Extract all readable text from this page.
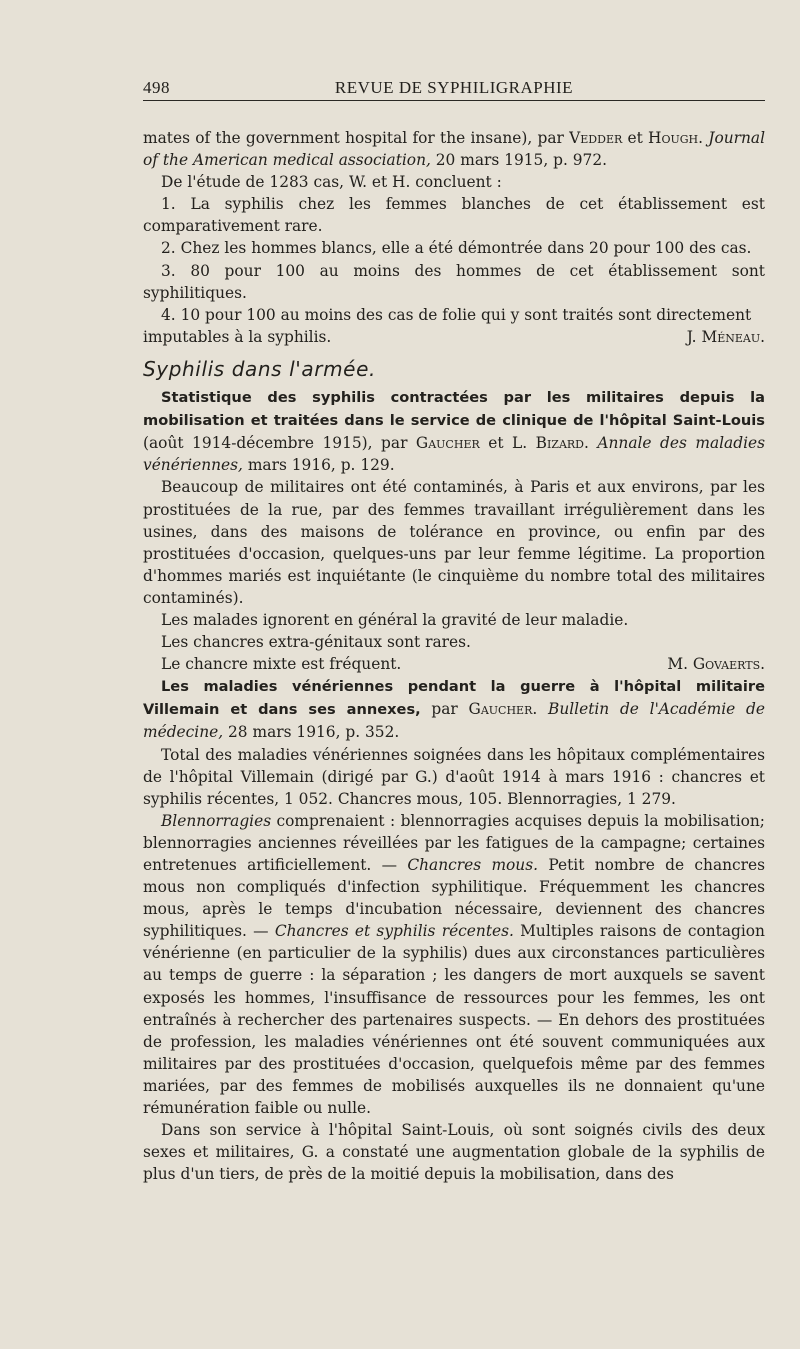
498	REVUE DE SYPHILIGRAPHIE

mates of the government hospital for the insane), par Vedder et Hough. Journal of the American medical association, 20 mars 1915, p. 972.

De l'étude de 1283 cas, W. et H. concluent :

1. La syphilis chez les femmes blanches de cet établissement est comparativement rare.

2. Chez les hommes blancs, elle a été démontrée dans 20 pour 100 des cas.

3. 80 pour 100 au moins des hommes de cet établissement sont syphilitiques.

4. 10 pour 100 au moins des cas de folie qui y sont traités sont directement imputables à la syphilis.	J. Méneau.

Syphilis dans l'armée.

Statistique des syphilis contractées par les militaires depuis la mobilisation et traitées dans le service de clinique de l'hôpital Saint-Louis (août 1914-décembre 1915), par Gaucher et L. Bizard. Annale des maladies vénériennes, mars 1916, p. 129.

Beaucoup de militaires ont été contaminés, à Paris et aux environs, par les prostituées de la rue, par des femmes travaillant irrégulièrement dans les usines, dans des maisons de tolérance en province, ou enfin par des prostituées d'occasion, quelques-uns par leur femme légitime. La proportion d'hommes mariés est inquiétante (le cinquième du nombre total des militaires contaminés).

Les malades ignorent en général la gravité de leur maladie.

Les chancres extra-génitaux sont rares.

Le chancre mixte est fréquent.	M. Govaerts.

Les maladies vénériennes pendant la guerre à l'hôpital militaire Villemain et dans ses annexes, par Gaucher. Bulletin de l'Académie de médecine, 28 mars 1916, p. 352.

Total des maladies vénériennes soignées dans les hôpitaux complémentaires de l'hôpital Villemain (dirigé par G.) d'août 1914 à mars 1916 : chancres et syphilis récentes, 1 052. Chancres mous, 105. Blennorragies, 1 279.

Blennorragies comprenaient : blennorragies acquises depuis la mobilisation; blennorragies anciennes réveillées par les fatigues de la campagne; certaines entretenues artificiellement. — Chancres mous. Petit nombre de chancres mous non compliqués d'infection syphilitique. Fréquemment les chancres mous, après le temps d'incubation nécessaire, deviennent des chancres syphilitiques. — Chancres et syphilis récentes. Multiples raisons de contagion vénérienne (en particulier de la syphilis) dues aux circonstances particulières au temps de guerre : la séparation ; les dangers de mort auxquels se savent exposés les hommes, l'insuffisance de ressources pour les femmes, les ont entraînés à rechercher des partenaires suspects. — En dehors des prostituées de profession, les maladies vénériennes ont été souvent communiquées aux militaires par des prostituées d'occasion, quelquefois même par des femmes mariées, par des femmes de mobilisés auxquelles ils ne donnaient qu'une rémunération faible ou nulle.

Dans son service à l'hôpital Saint-Louis, où sont soignés civils des deux sexes et militaires, G. a constaté une augmentation globale de la syphilis de plus d'un tiers, de près de la moitié depuis la mobilisation, dans des
